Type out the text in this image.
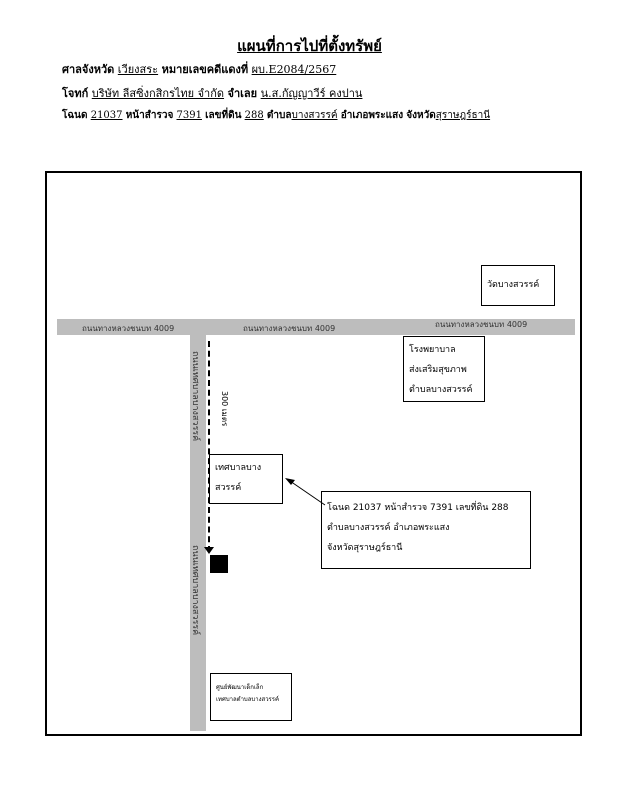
แผนที่การไปที่ตั้งทรัพย์
ศาลจังหวัด เวียงสระ หมายเลขคดีแดงที่ ผบ.E2084/2567
โจทก์ บริษัท ลีสซิ่งกสิกรไทย จำกัด จำเลย น.ส.กัญญาวีร์ คงปาน
โฉนด 21037 หน้าสำรวจ 7391 เลขที่ดิน 288 ตำบลบางสวรรค์ อำเภอพระแสง จังหวัดสุราษฎร์ธานี
ถนนทางหลวงชนบท 4009	ถนนทางหลวงชนบท 4009	ถนนทางหลวงชนบท 4009
ถนนเทศบาลบางสวรรค์
ถนนเทศบาลบางสวรรค์
300 เมตร
วัดบางสวรรค์
โรงพยาบาล
ส่งเสริมสุขภาพ
ตำบลบางสวรรค์
เทศบาลบาง
สวรรค์
โฉนด 21037 หน้าสำรวจ 7391 เลขที่ดิน 288
ตำบลบางสวรรค์ อำเภอพระแสง
จังหวัดสุราษฎร์ธานี
ศูนย์พัฒนาเด็กเล็ก
เทศบาลตำบลบางสวรรค์
